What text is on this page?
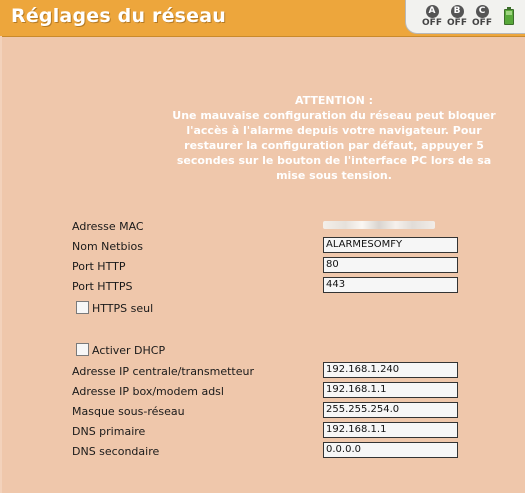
Réglages du réseau	A
OFF
B
OFF
C
OFF
ATTENTION :
Une mauvaise configuration du réseau peut bloquer
l'accès à l'alarme depuis votre navigateur. Pour
restaurer la configuration par défaut, appuyer 5
secondes sur le bouton de l'interface PC lors de sa
mise sous tension.
Adresse MAC
Nom Netbios	ALARMESOMFY
Port HTTP	80
Port HTTPS	443
HTTPS seul
Activer DHCP
Adresse IP centrale/transmetteur	192.168.1.240
Adresse IP box/modem adsl	192.168.1.1
Masque sous-réseau	255.255.254.0
DNS primaire	192.168.1.1
DNS secondaire	0.0.0.0
